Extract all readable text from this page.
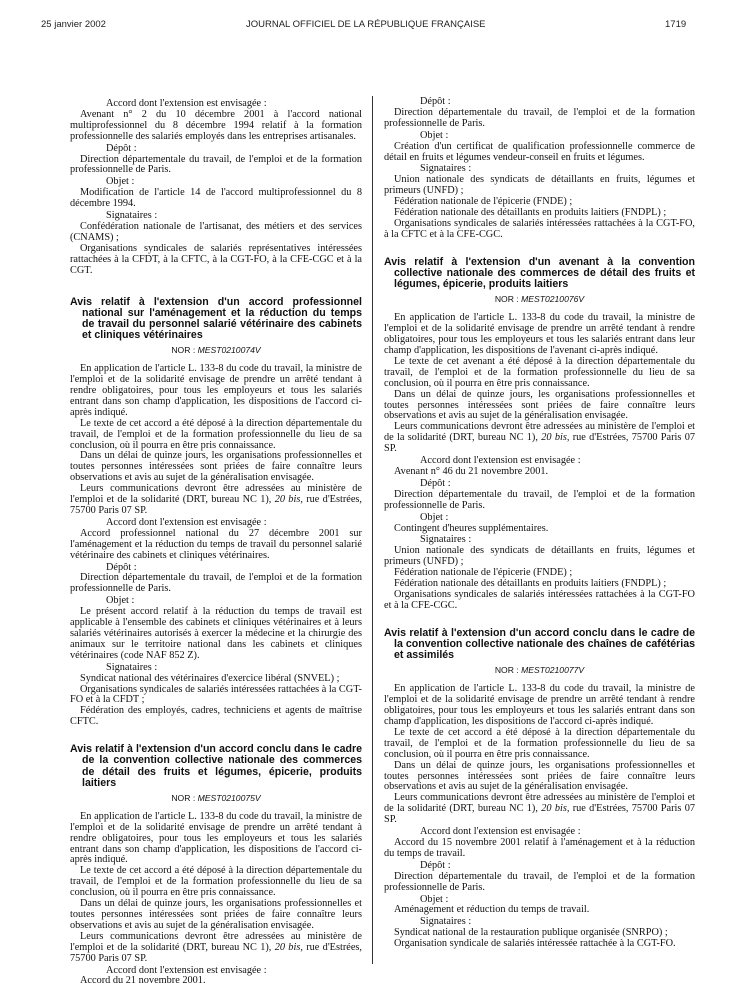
25 janvier 2002	JOURNAL OFFICIEL DE LA RÉPUBLIQUE FRANÇAISE	1719

Accord dont l'extension est envisagée :

Avenant n° 2 du 10 décembre 2001 à l'accord national multiprofessionnel du 8 décembre 1994 relatif à la formation professionnelle des salariés employés dans les entreprises artisanales.

Dépôt :

Direction départementale du travail, de l'emploi et de la formation professionnelle de Paris.

Objet :

Modification de l'article 14 de l'accord multiprofessionnel du 8 décembre 1994.

Signataires :

Confédération nationale de l'artisanat, des métiers et des services (CNAMS) ;

Organisations syndicales de salariés représentatives intéressées rattachées à la CFDT, à la CFTC, à la CGT-FO, à la CFE-CGC et à la CGT.

Avis relatif à l'extension d'un accord professionnel national sur l'aménagement et la réduction du temps de travail du personnel salarié vétérinaire des cabinets et cliniques vétérinaires

NOR : MEST0210074V

En application de l'article L. 133-8 du code du travail, la ministre de l'emploi et de la solidarité envisage de prendre un arrêté tendant à rendre obligatoires, pour tous les employeurs et tous les salariés entrant dans son champ d'application, les dispositions de l'accord ci-après indiqué.

Le texte de cet accord a été déposé à la direction départementale du travail, de l'emploi et de la formation professionnelle du lieu de sa conclusion, où il pourra en être pris connaissance.

Dans un délai de quinze jours, les organisations professionnelles et toutes personnes intéressées sont priées de faire connaître leurs observations et avis au sujet de la généralisation envisagée.

Leurs communications devront être adressées au ministère de l'emploi et de la solidarité (DRT, bureau NC 1), 20 bis, rue d'Estrées, 75700 Paris 07 SP.

Accord dont l'extension est envisagée :

Accord professionnel national du 27 décembre 2001 sur l'aménagement et la réduction du temps de travail du personnel salarié vétérinaire des cabinets et cliniques vétérinaires.

Dépôt :

Direction départementale du travail, de l'emploi et de la formation professionnelle de Paris.

Objet :

Le présent accord relatif à la réduction du temps de travail est applicable à l'ensemble des cabinets et cliniques vétérinaires et à leurs salariés vétérinaires autorisés à exercer la médecine et la chirurgie des animaux sur le territoire national dans les cabinets et cliniques vétérinaires (code NAF 852 Z).

Signataires :

Syndicat national des vétérinaires d'exercice libéral (SNVEL) ;

Organisations syndicales de salariés intéressées rattachées à la CGT-FO et à la CFDT ;

Fédération des employés, cadres, techniciens et agents de maîtrise CFTC.

Avis relatif à l'extension d'un accord conclu dans le cadre de la convention collective nationale des commerces de détail des fruits et légumes, épicerie, produits laitiers

NOR : MEST0210075V

En application de l'article L. 133-8 du code du travail, la ministre de l'emploi et de la solidarité envisage de prendre un arrêté tendant à rendre obligatoires, pour tous les employeurs et tous les salariés entrant dans son champ d'application, les dispositions de l'accord ci-après indiqué.

Le texte de cet accord a été déposé à la direction départementale du travail, de l'emploi et de la formation professionnelle du lieu de sa conclusion, où il pourra en être pris connaissance.

Dans un délai de quinze jours, les organisations professionnelles et toutes personnes intéressées sont priées de faire connaître leurs observations et avis au sujet de la généralisation envisagée.

Leurs communications devront être adressées au ministère de l'emploi et de la solidarité (DRT, bureau NC 1), 20 bis, rue d'Estrées, 75700 Paris 07 SP.

Accord dont l'extension est envisagée :

Accord du 21 novembre 2001.

Dépôt :

Direction départementale du travail, de l'emploi et de la formation professionnelle de Paris.

Objet :

Création d'un certificat de qualification professionnelle commerce de détail en fruits et légumes vendeur-conseil en fruits et légumes.

Signataires :

Union nationale des syndicats de détaillants en fruits, légumes et primeurs (UNFD) ;

Fédération nationale de l'épicerie (FNDE) ;

Fédération nationale des détaillants en produits laitiers (FNDPL) ;

Organisations syndicales de salariés intéressées rattachées à la CGT-FO, à la CFTC et à la CFE-CGC.

Avis relatif à l'extension d'un avenant à la convention collective nationale des commerces de détail des fruits et légumes, épicerie, produits laitiers

NOR : MEST0210076V

En application de l'article L. 133-8 du code du travail, la ministre de l'emploi et de la solidarité envisage de prendre un arrêté tendant à rendre obligatoires, pour tous les employeurs et tous les salariés entrant dans leur champ d'application, les dispositions de l'avenant ci-après indiqué.

Le texte de cet avenant a été déposé à la direction départementale du travail, de l'emploi et de la formation professionnelle du lieu de sa conclusion, où il pourra en être pris connaissance.

Dans un délai de quinze jours, les organisations professionnelles et toutes personnes intéressées sont priées de faire connaître leurs observations et avis au sujet de la généralisation envisagée.

Leurs communications devront être adressées au ministère de l'emploi et de la solidarité (DRT, bureau NC 1), 20 bis, rue d'Estrées, 75700 Paris 07 SP.

Accord dont l'extension est envisagée :

Avenant n° 46 du 21 novembre 2001.

Dépôt :

Direction départementale du travail, de l'emploi et de la formation professionnelle de Paris.

Objet :

Contingent d'heures supplémentaires.

Signataires :

Union nationale des syndicats de détaillants en fruits, légumes et primeurs (UNFD) ;

Fédération nationale de l'épicerie (FNDE) ;

Fédération nationale des détaillants en produits laitiers (FNDPL) ;

Organisations syndicales de salariés intéressées rattachées à la CGT-FO et à la CFE-CGC.

Avis relatif à l'extension d'un accord conclu dans le cadre de la convention collective nationale des chaînes de cafétérias et assimilés

NOR : MEST0210077V

En application de l'article L. 133-8 du code du travail, la ministre de l'emploi et de la solidarité envisage de prendre un arrêté tendant à rendre obligatoires, pour tous les employeurs et tous les salariés entrant dans son champ d'application, les dispositions de l'accord ci-après indiqué.

Le texte de cet accord a été déposé à la direction départementale du travail, de l'emploi et de la formation professionnelle du lieu de sa conclusion, où il pourra en être pris connaissance.

Dans un délai de quinze jours, les organisations professionnelles et toutes personnes intéressées sont priées de faire connaître leurs observations et avis au sujet de la généralisation envisagée.

Leurs communications devront être adressées au ministère de l'emploi et de la solidarité (DRT, bureau NC 1), 20 bis, rue d'Estrées, 75700 Paris 07 SP.

Accord dont l'extension est envisagée :

Accord du 15 novembre 2001 relatif à l'aménagement et à la réduction du temps de travail.

Dépôt :

Direction départementale du travail, de l'emploi et de la formation professionnelle de Paris.

Objet :

Aménagement et réduction du temps de travail.

Signataires :

Syndicat national de la restauration publique organisée (SNRPO) ;

Organisation syndicale de salariés intéressée rattachée à la CGT-FO.
